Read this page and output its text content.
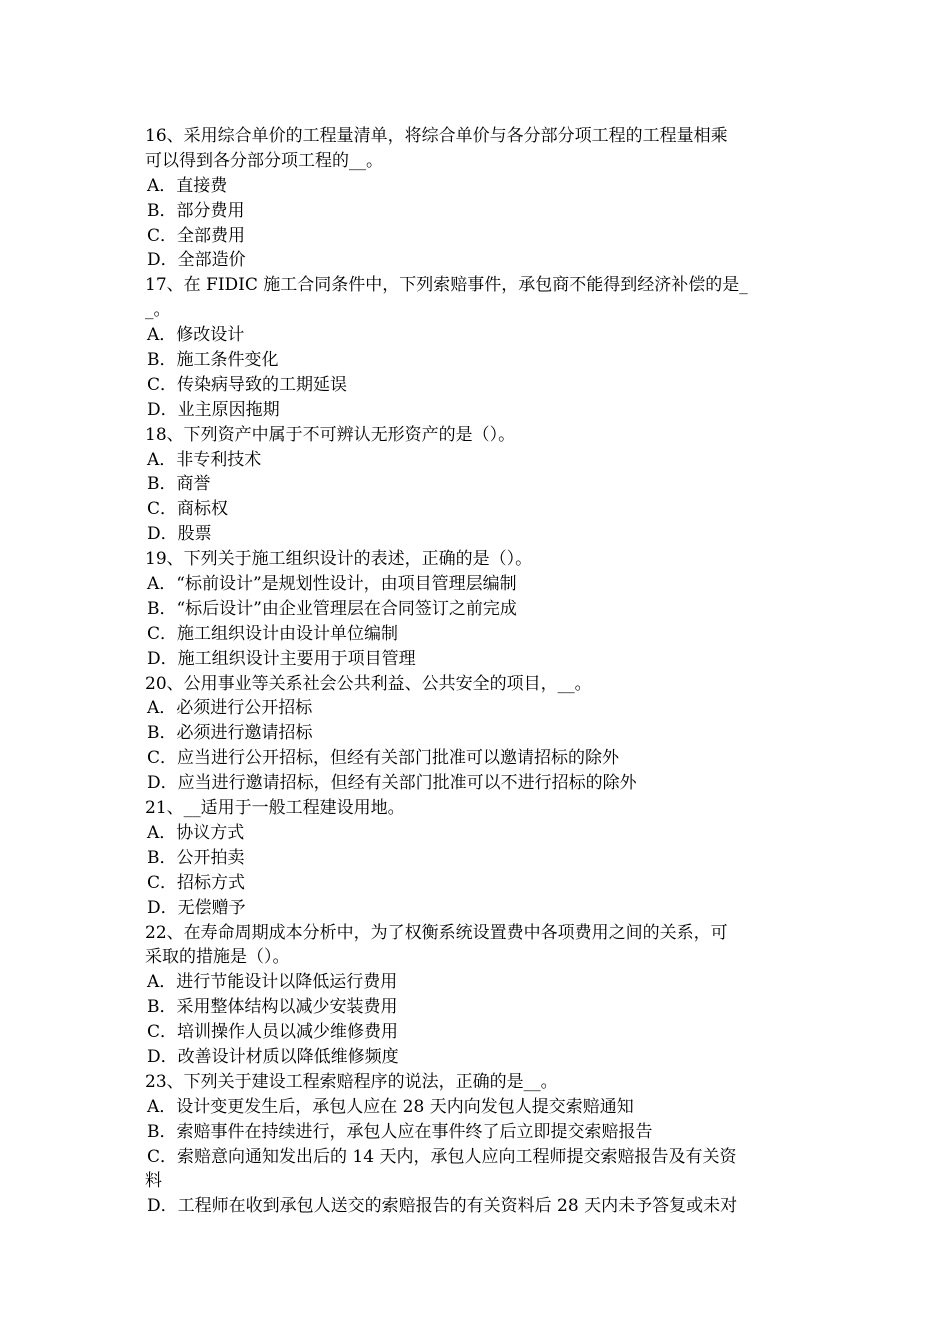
16、采用综合单价的工程量清单，将综合单价与各分部分项工程的工程量相乘
可以得到各分部分项工程的__。
A．直接费
B．部分费用
C．全部费用
D．全部造价
17、在 FIDIC 施工合同条件中，下列索赔事件，承包商不能得到经济补偿的是_
_。
A．修改设计
B．施工条件变化
C．传染病导致的工期延误
D．业主原因拖期
18、下列资产中属于不可辨认无形资产的是（）。
A．非专利技术
B．商誉
C．商标权
D．股票
19、下列关于施工组织设计的表述，正确的是（）。
A．“标前设计”是规划性设计，由项目管理层编制
B．“标后设计”由企业管理层在合同签订之前完成
C．施工组织设计由设计单位编制
D．施工组织设计主要用于项目管理
20、公用事业等关系社会公共利益、公共安全的项目，__。
A．必须进行公开招标
B．必须进行邀请招标
C．应当进行公开招标，但经有关部门批准可以邀请招标的除外
D．应当进行邀请招标，但经有关部门批准可以不进行招标的除外
21、__适用于一般工程建设用地。
A．协议方式
B．公开拍卖
C．招标方式
D．无偿赠予
22、在寿命周期成本分析中，为了权衡系统设置费中各项费用之间的关系，可
采取的措施是（）。
A．进行节能设计以降低运行费用
B．采用整体结构以减少安装费用
C．培训操作人员以减少维修费用
D．改善设计材质以降低维修频度
23、下列关于建设工程索赔程序的说法，正确的是__。
A．设计变更发生后，承包人应在 28 天内向发包人提交索赔通知
B．索赔事件在持续进行，承包人应在事件终了后立即提交索赔报告
C．索赔意向通知发出后的 14 天内，承包人应向工程师提交索赔报告及有关资
料
D．工程师在收到承包人送交的索赔报告的有关资料后 28 天内未予答复或未对
